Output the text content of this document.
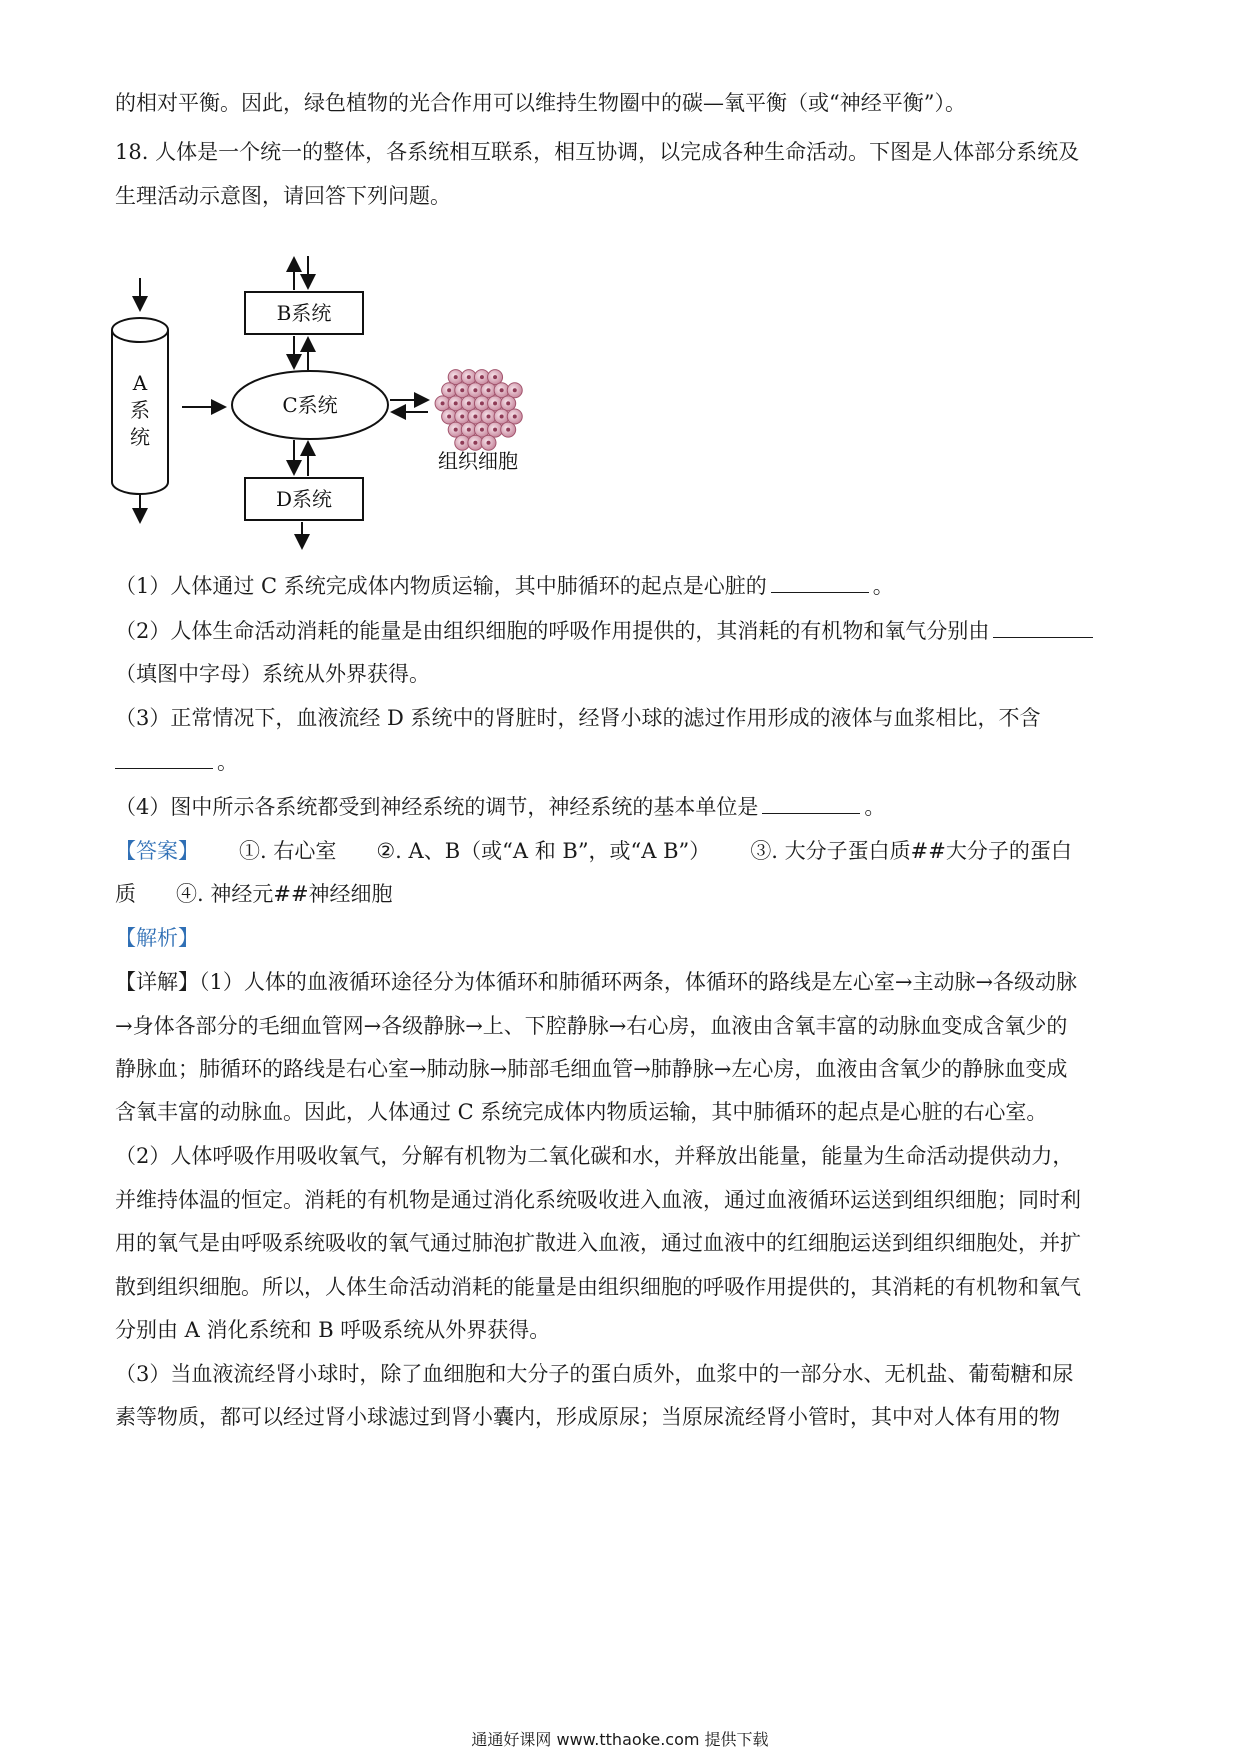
的相对平衡。因此，绿色植物的光合作用可以维持生物圈中的碳—氧平衡（或“神经平衡”）。
18. 人体是一个统一的整体，各系统相互联系，相互协调，以完成各种生命活动。下图是人体部分系统及
生理活动示意图，请回答下列问题。
A
系
统
B系统
C系统
D系统
组织细胞
（1）人体通过 C 系统完成体内物质运输，其中肺循环的起点是心脏的	。
（2）人体生命活动消耗的能量是由组织细胞的呼吸作用提供的，其消耗的有机物和氧气分别由
（填图中字母）系统从外界获得。
（3）正常情况下，血液流经 D 系统中的肾脏时，经肾小球的滤过作用形成的液体与血浆相比，不含
。
（4）图中所示各系统都受到神经系统的调节，神经系统的基本单位是	。
【答案】 ①. 右心室 ②. A、B（或“A 和 B”，或“A B”） ③. 大分子蛋白质##大分子的蛋白
质 ④. 神经元##神经细胞
【解析】
【详解】（1）人体的血液循环途径分为体循环和肺循环两条，体循环的路线是左心室→主动脉→各级动脉
→身体各部分的毛细血管网→各级静脉→上、下腔静脉→右心房，血液由含氧丰富的动脉血变成含氧少的
静脉血；肺循环的路线是右心室→肺动脉→肺部毛细血管→肺静脉→左心房，血液由含氧少的静脉血变成
含氧丰富的动脉血。因此，人体通过 C 系统完成体内物质运输，其中肺循环的起点是心脏的右心室。
（2）人体呼吸作用吸收氧气，分解有机物为二氧化碳和水，并释放出能量，能量为生命活动提供动力，
并维持体温的恒定。消耗的有机物是通过消化系统吸收进入血液，通过血液循环运送到组织细胞；同时利
用的氧气是由呼吸系统吸收的氧气通过肺泡扩散进入血液，通过血液中的红细胞运送到组织细胞处，并扩
散到组织细胞。所以，人体生命活动消耗的能量是由组织细胞的呼吸作用提供的，其消耗的有机物和氧气
分别由 A 消化系统和 B 呼吸系统从外界获得。
（3）当血液流经肾小球时，除了血细胞和大分子的蛋白质外，血浆中的一部分水、无机盐、葡萄糖和尿
素等物质，都可以经过肾小球滤过到肾小囊内，形成原尿；当原尿流经肾小管时，其中对人体有用的物
通通好课网 www.tthaoke.com 提供下载
